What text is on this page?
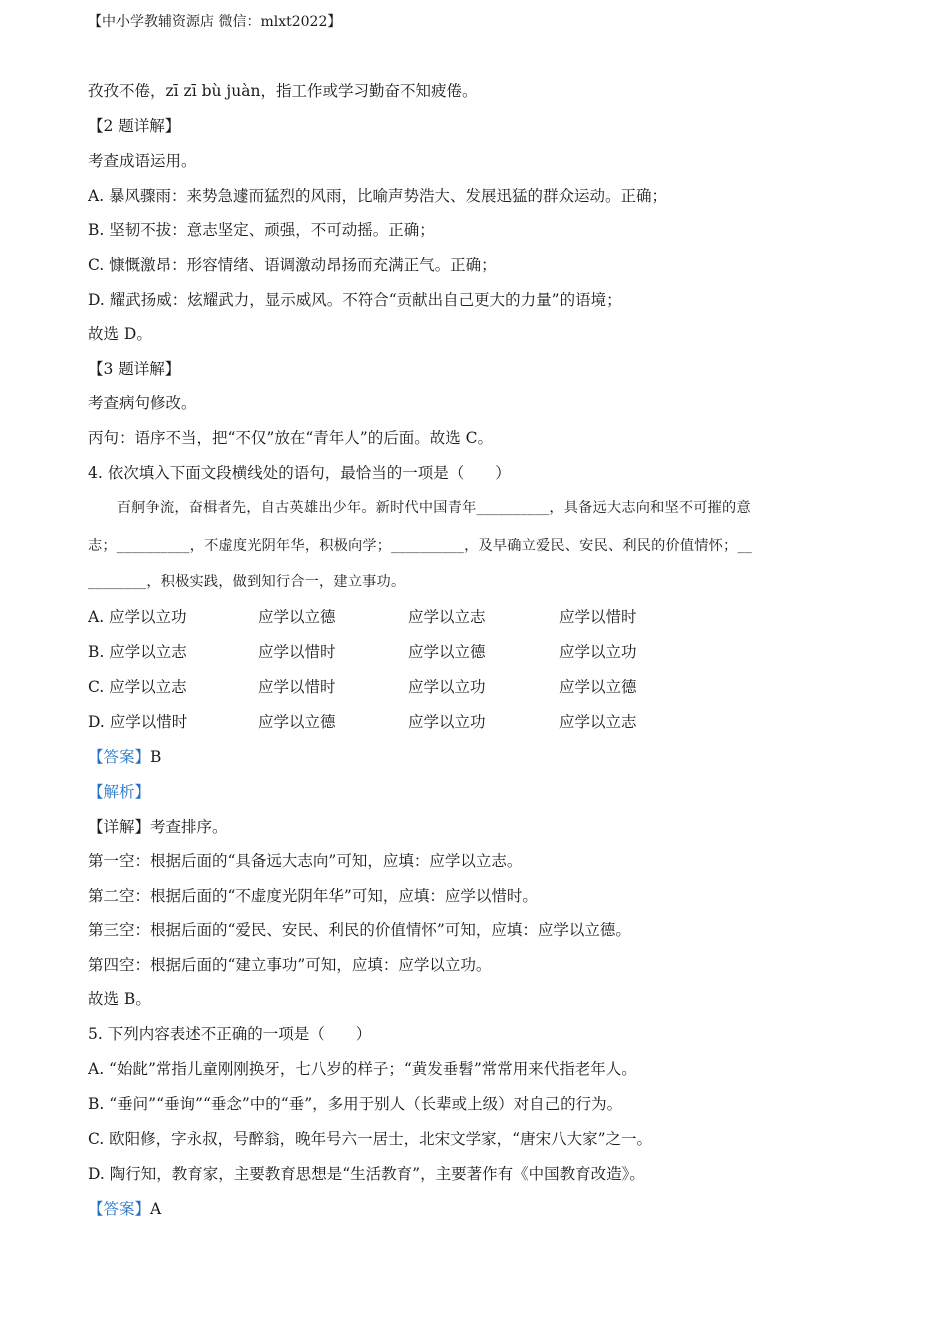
【中小学教辅资源店 微信：mlxt2022】
孜孜不倦，zī zī bù juàn，指工作或学习勤奋不知疲倦。
【2 题详解】
考查成语运用。
A. 暴风骤雨：来势急遽而猛烈的风雨，比喻声势浩大、发展迅猛的群众运动。正确；
B. 坚韧不拔：意志坚定、顽强，不可动摇。正确；
C. 慷慨激昂：形容情绪、语调激动昂扬而充满正气。正确；
D. 耀武扬威：炫耀武力，显示威风。不符合“贡献出自己更大的力量”的语境；
故选 D。
【3 题详解】
考查病句修改。
丙句：语序不当，把“不仅”放在“青年人”的后面。故选 C。
4. 依次填入下面文段横线处的语句，最恰当的一项是（　　）
　　百舸争流，奋楫者先，自古英雄出少年。新时代中国青年__________，具备远大志向和坚不可摧的意
志；__________，不虚度光阴年华，积极向学；__________，及早确立爱民、安民、利民的价值情怀；__
________，积极实践，做到知行合一，建立事功。
A. 应学以立功	应学以立德	应学以立志	应学以惜时
B. 应学以立志	应学以惜时	应学以立德	应学以立功
C. 应学以立志	应学以惜时	应学以立功	应学以立德
D. 应学以惜时	应学以立德	应学以立功	应学以立志
【答案】B
【解析】
【详解】考查排序。
第一空：根据后面的“具备远大志向”可知，应填：应学以立志。
第二空：根据后面的“不虚度光阴年华”可知，应填：应学以惜时。
第三空：根据后面的“爱民、安民、利民的价值情怀”可知，应填：应学以立德。
第四空：根据后面的“建立事功”可知，应填：应学以立功。
故选 B。
5. 下列内容表述不正确的一项是（　　）
A. “始龀”常指儿童刚刚换牙，七八岁的样子；“黄发垂髫”常常用来代指老年人。
B. “垂问”“垂询”“垂念”中的“垂”，多用于别人（长辈或上级）对自己的行为。
C. 欧阳修，字永叔，号醉翁，晚年号六一居士，北宋文学家，“唐宋八大家”之一。
D. 陶行知，教育家，主要教育思想是“生活教育”，主要著作有《中国教育改造》。
【答案】A
